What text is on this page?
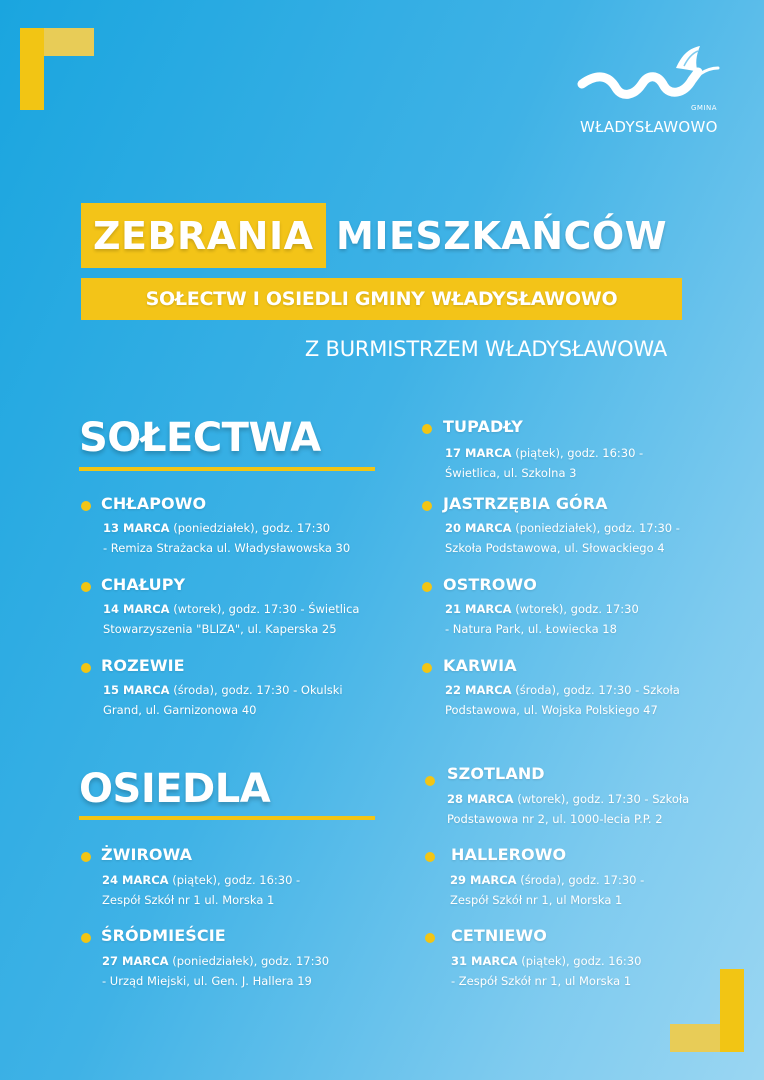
GMINA
WŁADYSŁAWOWO
ZEBRANIA MIESZKAŃCÓW
SOŁECTW I OSIEDLI GMINY WŁADYSŁAWOWO
Z BURMISTRZEM WŁADYSŁAWOWA
SOŁECTWA
OSIEDLA
CHŁAPOWO
13 MARCA (poniedziałek), godz. 17:30
- Remiza Strażacka ul. Władysławowska 30
CHAŁUPY
14 MARCA (wtorek), godz. 17:30 - Świetlica
Stowarzyszenia "BLIZA", ul. Kaperska 25
ROZEWIE
15 MARCA (środa), godz. 17:30 - Okulski
Grand, ul. Garnizonowa 40
TUPADŁY
17 MARCA (piątek), godz. 16:30 -
Świetlica, ul. Szkolna 3
JASTRZĘBIA GÓRA
20 MARCA (poniedziałek), godz. 17:30 -
Szkoła Podstawowa, ul. Słowackiego 4
OSTROWO
21 MARCA (wtorek), godz. 17:30
- Natura Park, ul. Łowiecka 18
KARWIA
22 MARCA (środa), godz. 17:30 - Szkoła
Podstawowa, ul. Wojska Polskiego 47
ŻWIROWA
24 MARCA (piątek), godz. 16:30 -
Zespół Szkół nr 1 ul. Morska 1
ŚRÓDMIEŚCIE
27 MARCA (poniedziałek), godz. 17:30
- Urząd Miejski, ul. Gen. J. Hallera 19
SZOTLAND
28 MARCA (wtorek), godz. 17:30 - Szkoła
Podstawowa nr 2, ul. 1000-lecia P.P. 2
HALLEROWO
29 MARCA (środa), godz. 17:30 -
Zespół Szkół nr 1, ul Morska 1
CETNIEWO
31 MARCA (piątek), godz. 16:30
- Zespół Szkół nr 1, ul Morska 1
